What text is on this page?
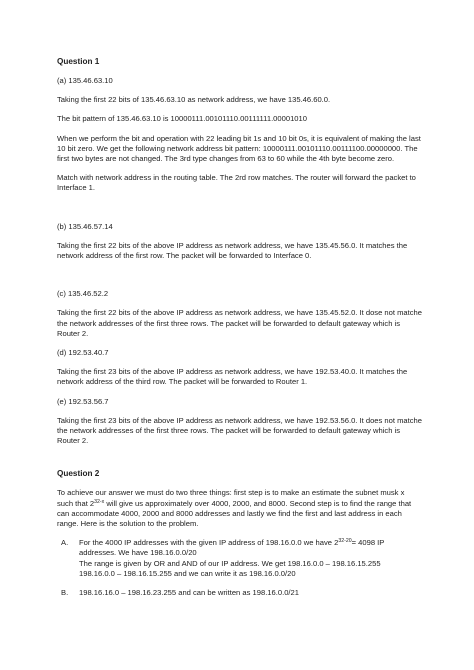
Question 1

(a) 135.46.63.10

Taking the first 22 bits of 135.46.63.10 as network address, we have 135.46.60.0.

The bit pattern of 135.46.63.10 is 10000111.00101110.00111111.00001010

When we perform the bit and operation with 22 leading bit 1s and 10 bit 0s, it is equivalent of making the last 10 bit zero. We get the following network address bit pattern: 10000111.00101110.00111100.00000000. The first two bytes are not changed. The 3rd type changes from 63 to 60 while the 4th byte become zero.

Match with network address in the routing table. The 2rd row matches. The router will forward the packet to Interface 1.

(b) 135.46.57.14

Taking the first 22 bits of the above IP address as network address, we have 135.45.56.0. It matches the network address of the first row. The packet will be forwarded to Interface 0.

(c) 135.46.52.2

Taking the first 22 bits of the above IP address as network address, we have 135.45.52.0. It dose not matche the network addresses of the first three rows. The packet will be forwarded to default gateway which is Router 2.

(d) 192.53.40.7

Taking the first 23 bits of the above IP address as network address, we have 192.53.40.0. It matches the network address of the third row. The packet will be forwarded to Router 1.

(e) 192.53.56.7

Taking the first 23 bits of the above IP address as network address, we have 192.53.56.0. It does not matche the network addresses of the first three rows. The packet will be forwarded to default gateway which is Router 2.

Question 2

To achieve our answer we must do two three things: first step is to make an estimate the subnet musk x such that 2$^{32-x}$ will give us approximately over 4000, 2000, and 8000. Second step is to find the range that can accommodate 4000, 2000 and 8000 addresses and lastly we find the first and last address in each range. Here is the solution to the problem.

A.	For the 4000 IP addresses with the given IP address of 198.16.0.0 we have $2^{32-20}= 4098$ IP addresses. We have 198.16.0.0/20

The range is given by OR and AND of our IP address. We get 198.16.0.0 – 198.16.15.255

198.16.0.0 – 198.16.15.255 and we can write it as 198.16.0.0/20

B.	198.16.16.0 – 198.16.23.255 and can be written as 198.16.0.0/21
